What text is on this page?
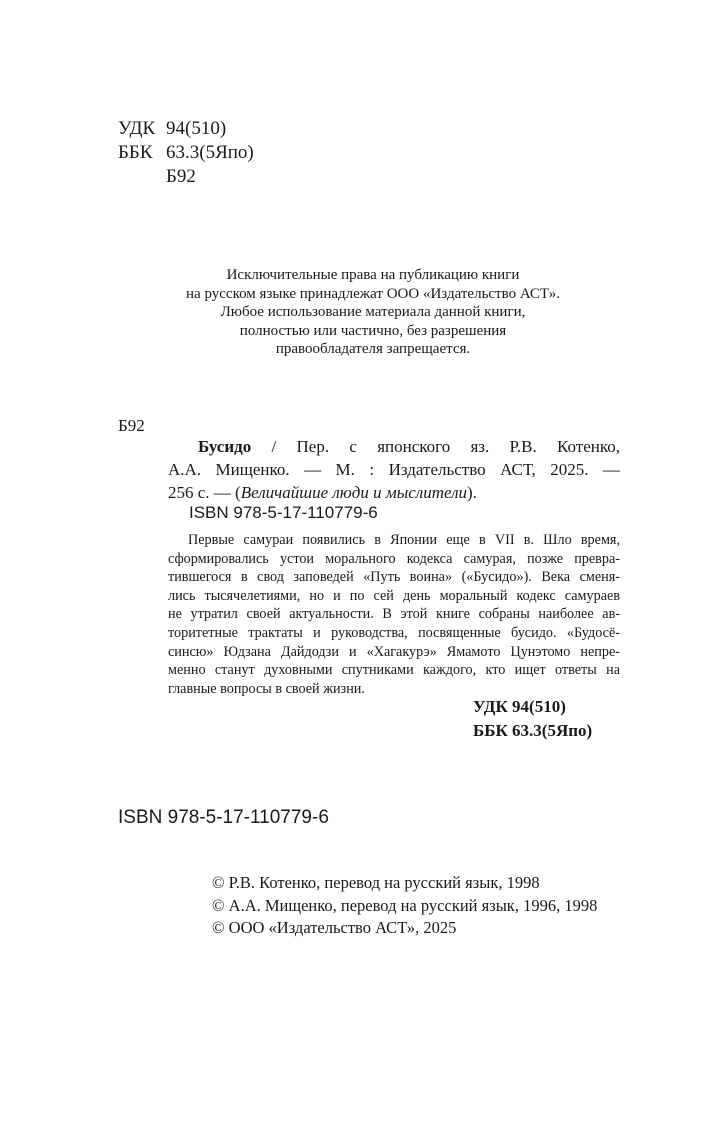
УДК 94(510)
ББК 63.3(5Япо)
Б92
Исключительные права на публикацию книги
на русском языке принадлежат ООО «Издательство АСТ».
Любое использование материала данной книги,
полностью или частично, без разрешения
правообладателя запрещается.
Б92
Бусидо / Пер. с японского яз. Р.В. Котенко,
А.А. Мищенко. — М. : Издательство АСТ, 2025. —
256 с. — (Величайшие люди и мыслители).
ISBN 978-5-17-110779-6
Первые самураи появились в Японии еще в VII в. Шло время,
сформировались устои морального кодекса самурая, позже превра-
тившегося в свод заповедей «Путь воина» («Бусидо»). Века сменя-
лись тысячелетиями, но и по сей день моральный кодекс самураев
не утратил своей актуальности. В этой книге собраны наиболее ав-
торитетные трактаты и руководства, посвященные бусидо. «Будосё-
синсю» Юдзана Дайдодзи и «Хагакурэ» Ямамото Цунэтомо непре-
менно станут духовными спутниками каждого, кто ищет ответы на
главные вопросы в своей жизни.
УДК 94(510)
ББК 63.3(5Япо)
ISBN 978-5-17-110779-6
© Р.В. Котенко, перевод на русский язык, 1998
© А.А. Мищенко, перевод на русский язык, 1996, 1998
© ООО «Издательство АСТ», 2025
